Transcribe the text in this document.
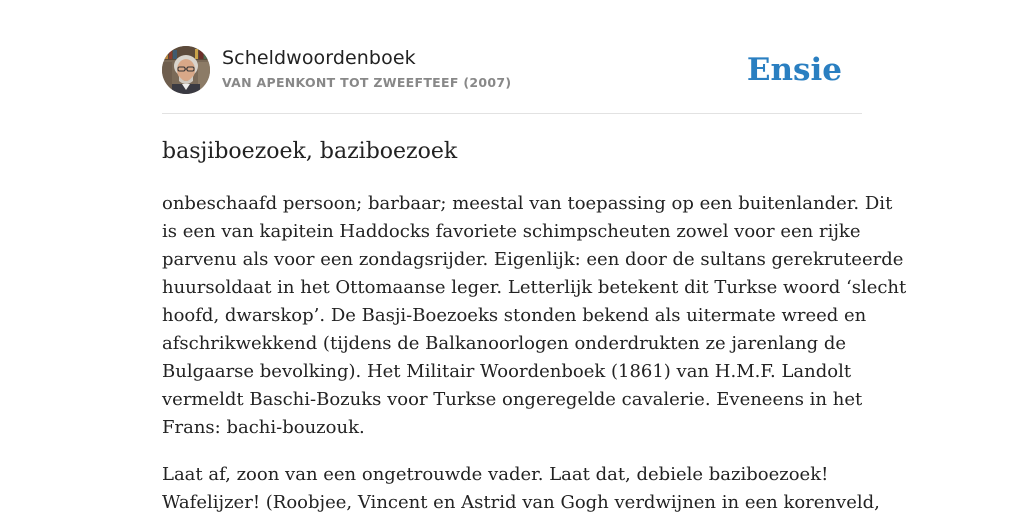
Scheldwoordenboek
VAN APENKONT TOT ZWEEFTEEF (2007)	Ensie
basjiboezoek, baziboezoek
onbeschaafd persoon; barbaar; meestal van toepassing op een buitenlander. Dit
is een van kapitein Haddocks favoriete schimpscheuten zowel voor een rijke
parvenu als voor een zondagsrijder. Eigenlijk: een door de sultans gerekruteerde
huursoldaat in het Ottomaanse leger. Letterlijk betekent dit Turkse woord ‘slecht
hoofd, dwarskop’. De Basji-Boezoeks stonden bekend als uitermate wreed en
afschrikwekkend (tijdens de Balkanoorlogen onderdrukten ze jarenlang de
Bulgaarse bevolking). Het Militair Woordenboek (1861) van H.M.F. Landolt
vermeldt Baschi-Bozuks voor Turkse ongeregelde cavalerie. Eveneens in het
Frans: bachi-bouzouk.
Laat af, zoon van een ongetrouwde vader. Laat dat, debiele baziboezoek!
Wafelijzer! (Roobjee, Vincent en Astrid van Gogh verdwijnen in een korenveld,
